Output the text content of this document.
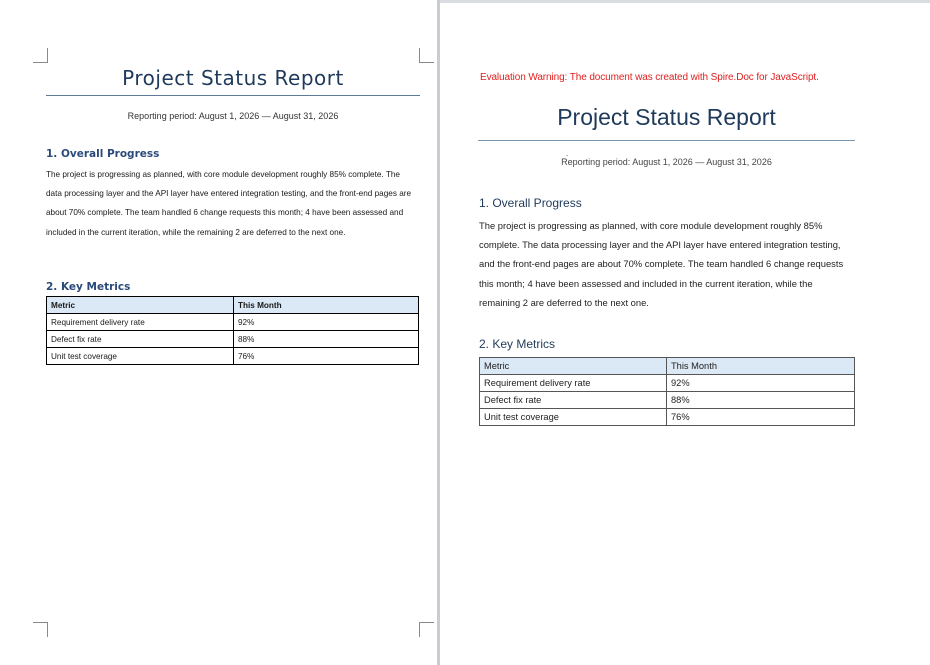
Project Status Report
Reporting period: August 1, 2026 — August 31, 2026
1. Overall Progress
The project is progressing as planned, with core module development roughly 85% complete. The data processing layer and the API layer have entered integration testing, and the front-end pages are about 70% complete. The team handled 6 change requests this month; 4 have been assessed and included in the current iteration, while the remaining 2 are deferred to the next one.
2. Key Metrics
Metric	This Month
Requirement delivery rate	92%
Defect fix rate	88%
Unit test coverage	76%
Evaluation Warning: The document was created with Spire.Doc for JavaScript.
Project Status Report
.
Reporting period: August 1, 2026 — August 31, 2026
1. Overall Progress
The project is progressing as planned, with core module development roughly 85% complete. The data processing layer and the API layer have entered integration testing, and the front-end pages are about 70% complete. The team handled 6 change requests this month; 4 have been assessed and included in the current iteration, while the remaining 2 are deferred to the next one.
2. Key Metrics
Metric	This Month
Requirement delivery rate	92%
Defect fix rate	88%
Unit test coverage	76%
